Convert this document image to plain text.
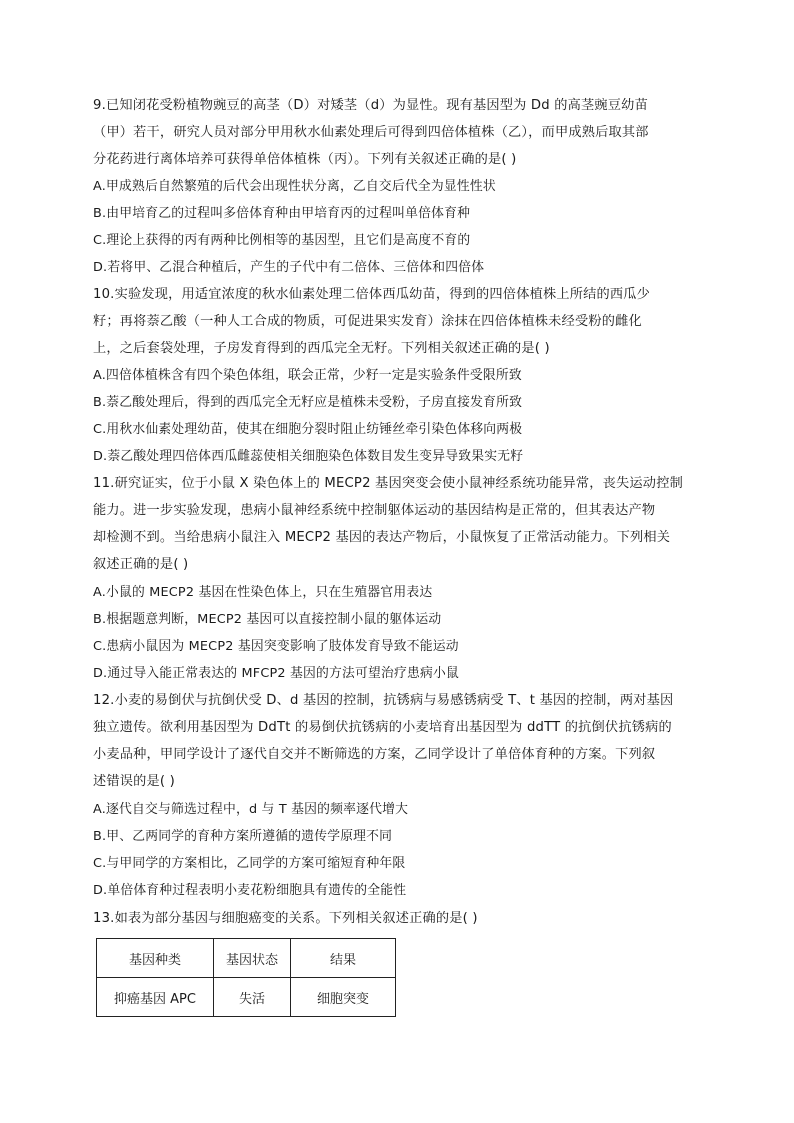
9.已知闭花受粉植物豌豆的高茎（D）对矮茎（d）为显性。现有基因型为 Dd 的高茎豌豆幼苗
（甲）若干，研究人员对部分甲用秋水仙素处理后可得到四倍体植株（乙），而甲成熟后取其部
分花药进行离体培养可获得单倍体植株（丙）。下列有关叙述正确的是( )
A.甲成熟后自然繁殖的后代会出现性状分离，乙自交后代全为显性性状
B.由甲培育乙的过程叫多倍体育种由甲培育丙的过程叫单倍体育种
C.理论上获得的丙有两种比例相等的基因型，且它们是高度不育的
D.若将甲、乙混合种植后，产生的子代中有二倍体、三倍体和四倍体
10.实验发现，用适宜浓度的秋水仙素处理二倍体西瓜幼苗，得到的四倍体植株上所结的西瓜少
籽；再将萘乙酸（一种人工合成的物质，可促进果实发育）涂抹在四倍体植株未经受粉的雌化
上，之后套袋处理，子房发育得到的西瓜完全无籽。下列相关叙述正确的是( )
A.四倍体植株含有四个染色体组，联会正常，少籽一定是实验条件受限所致
B.萘乙酸处理后，得到的西瓜完全无籽应是植株未受粉，子房直接发育所致
C.用秋水仙素处理幼苗，使其在细胞分裂时阻止纺锤丝牵引染色体移向两极
D.萘乙酸处理四倍体西瓜雌蕊使相关细胞染色体数目发生变异导致果实无籽
11.研究证实，位于小鼠 X 染色体上的 MECP2 基因突变会使小鼠神经系统功能异常，丧失运动控制
能力。进一步实验发现，患病小鼠神经系统中控制躯体运动的基因结构是正常的，但其表达产物
却检测不到。当给患病小鼠注入 MECP2 基因的表达产物后，小鼠恢复了正常活动能力。下列相关
叙述正确的是( )
A.小鼠的 MECP2 基因在性染色体上，只在生殖器官用表达
B.根据题意判断，MECP2 基因可以直接控制小鼠的躯体运动
C.患病小鼠因为 MECP2 基因突变影响了肢体发育导致不能运动
D.通过导入能正常表达的 MFCP2 基因的方法可望治疗患病小鼠
12.小麦的易倒伏与抗倒伏受 D、d 基因的控制，抗锈病与易感锈病受 T、t 基因的控制，两对基因
独立遗传。欲利用基因型为 DdTt 的易倒伏抗锈病的小麦培育出基因型为 ddTT 的抗倒伏抗锈病的
小麦品种，甲同学设计了逐代自交并不断筛选的方案，乙同学设计了单倍体育种的方案。下列叙
述错误的是( )
A.逐代自交与筛选过程中，d 与 T 基因的频率逐代增大
B.甲、乙两同学的育种方案所遵循的遗传学原理不同
C.与甲同学的方案相比，乙同学的方案可缩短育种年限
D.单倍体育种过程表明小麦花粉细胞具有遗传的全能性
13.如表为部分基因与细胞癌变的关系。下列相关叙述正确的是( )
基因种类	基因状态	结果
抑癌基因 APC	失活	细胞突变
